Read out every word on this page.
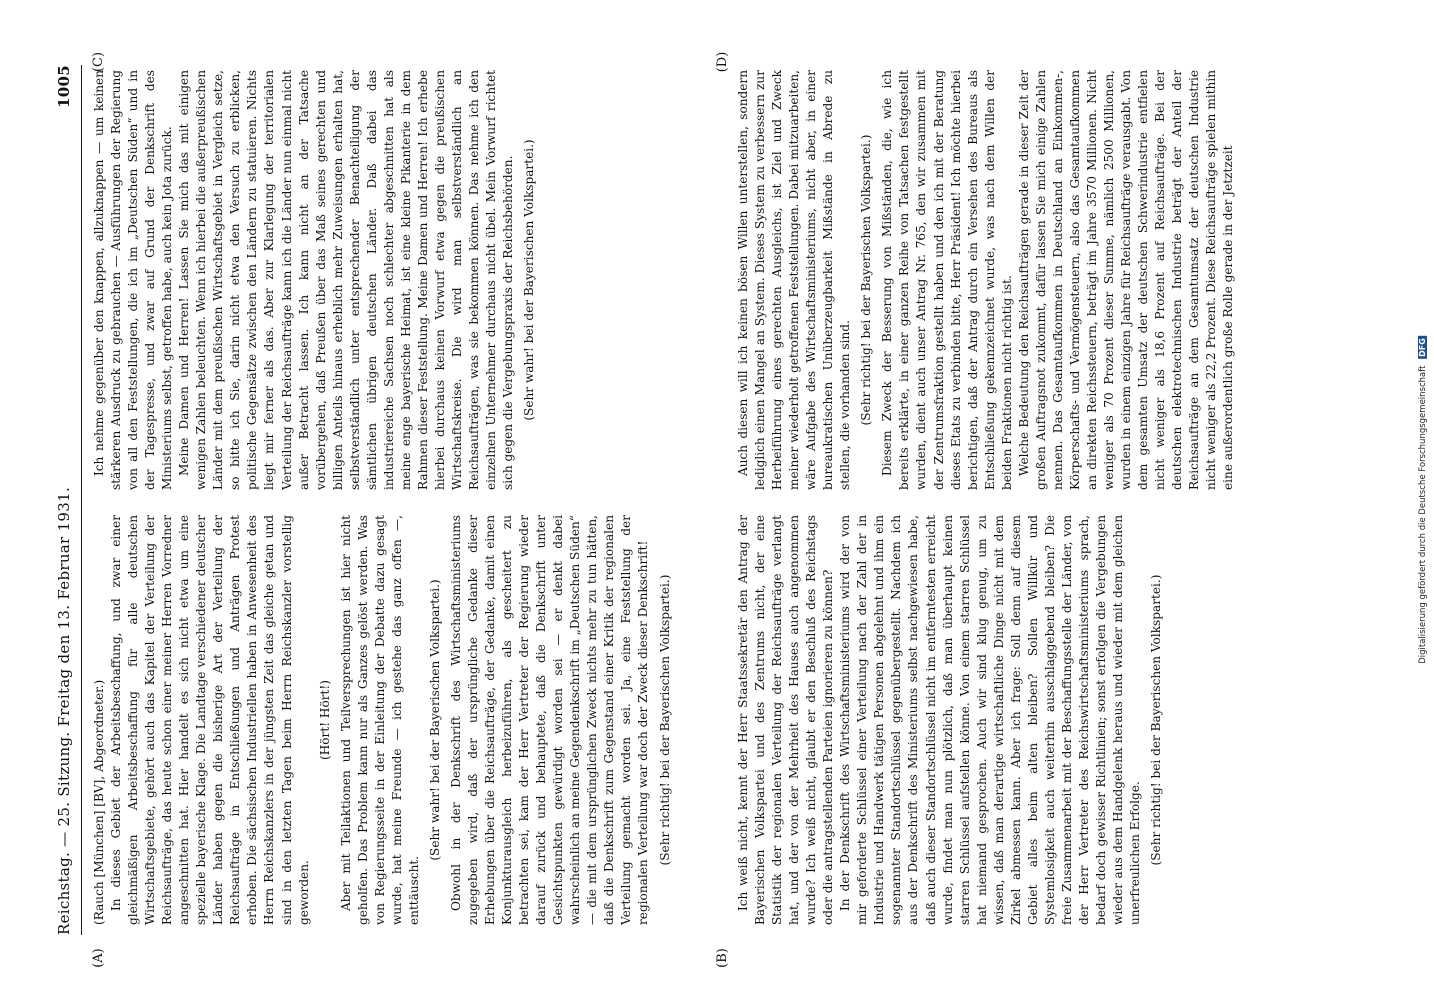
Reichstag. — 25. Sitzung. Freitag den 13. Februar 1931.
1005
(A)	(B)
(C)	(D)

(Rauch [München] [BV], Abgeordneter.) In dieses Gebiet der Arbeitsbeschaffung, und zwar einer gleichmäßigen Arbeitsbeschaffung für alle deutschen Wirtschaftsgebiete, gehört auch das Kapitel der Verteilung der Reichsaufträge, das heute schon einer meiner Herren Vorredner angeschnitten hat. Hier handelt es sich nicht etwa um eine spezielle bayerische Klage. Die Landtage verschiedener deutscher Länder haben gegen die bisherige Art der Verteilung der Reichsaufträge in Entschließungen und Anträgen Protest erhoben. Die sächsischen Industriellen haben in Anwesenheit des Herrn Reichskanzlers in der jüngsten Zeit das gleiche getan und sind in den letzten Tagen beim Herrn Reichskanzler vorstellig geworden.

(Hört! Hört!) Aber mit Teilaktionen und Teilversprechungen ist hier nicht geholfen. Das Problem kann nur als Ganzes gelöst werden. Was von Regierungsseite in der Einleitung der Debatte dazu gesagt wurde, hat meine Freunde — ich gestehe das ganz offen —, enttäuscht.

(Sehr wahr! bei der Bayerischen Volkspartei.) Obwohl in der Denkschrift des Wirtschaftsministeriums zugegeben wird, daß der ursprüngliche Gedanke dieser Erhebungen über die Reichsaufträge, der Gedanke, damit einen Konjunkturausgleich herbeizuführen, als gescheitert zu betrachten sei, kam der Herr Vertreter der Regierung wieder darauf zurück und behauptete, daß die Denkschrift unter Gesichtspunkten gewürdigt worden sei — er denkt dabei wahrscheinlich an meine Gegendenkschrift im „Deutschen Süden“ — die mit dem ursprünglichen Zweck nichts mehr zu tun hätten, daß die Denkschrift zum Gegenstand einer Kritik der regionalen Verteilung gemacht worden sei. Ja, eine Feststellung der regionalen Verteilung war doch der Zweck dieser Denkschrift! (Sehr richtig! bei der Bayerischen Volkspartei.)	Ich weiß nicht, kennt der Herr Staatssekretär den Antrag der Bayerischen Volkspartei und des Zentrums nicht, der eine Statistik der regionalen Verteilung der Reichsaufträge verlangt hat, und der von der Mehrheit des Hauses auch angenommen wurde? Ich weiß nicht, glaubt er den Beschluß des Reichstags oder die antragstellenden Parteien ignorieren zu können? In der Denkschrift des Wirtschaftsministeriums wird der von mir geforderte Schlüssel einer Verteilung nach der Zahl der in Industrie und Handwerk tätigen Personen abgelehnt und ihm ein sogenannter Standortschlüssel gegenübergestellt. Nachdem ich aus der Denkschrift des Ministeriums selbst nachgewiesen habe, daß auch dieser Standortschlüssel nicht im entferntesten erreicht wurde, findet man nun plötzlich, daß man überhaupt keinen starren Schlüssel aufstellen könne. Von einem starren Schlüssel hat niemand gesprochen. Auch wir sind klug genug, um zu wissen, daß man derartige wirtschaftliche Dinge nicht mit dem Zirkel abmessen kann. Aber ich frage: Soll denn auf diesem Gebiet alles beim alten bleiben? Sollen Willkür und Systemlosigkeit auch weiterhin ausschlaggebend bleiben? Die freie Zusammenarbeit mit der Beschaffungsstelle der Länder, von der Herr Vertreter des Reichswirtschaftsministeriums sprach, bedarf doch gewisser Richtlinien; sonst erfolgen die Vergebungen wieder aus dem Handgelenk heraus und wieder mit dem gleichen unerfreulichen Erfolge. (Sehr richtig! bei der Bayerischen Volkspartei.)

Ich nehme gegenüber den knappen, allzuknappen — um keinen stärkeren Ausdruck zu gebrauchen — Ausführungen der Regierung von all den Feststellungen, die ich im „Deutschen Süden“ und in der Tagespresse, und zwar auf Grund der Denkschrift des Ministeriums selbst, getroffen habe, auch kein Jota zurück. Meine Damen und Herren! Lassen Sie mich das mit einigen wenigen Zahlen beleuchten. Wenn ich hierbei die außerpreußischen Länder mit dem preußischen Wirtschaftsgebiet in Vergleich setze, so bitte ich Sie, darin nicht etwa den Versuch zu erblicken, politische Gegensätze zwischen den Ländern zu statuieren. Nichts liegt mir ferner als das. Aber zur Klarlegung der territorialen Verteilung der Reichsaufträge kann ich die Länder nun einmal nicht außer Betracht lassen. Ich kann nicht an der Tatsache vorübergehen, daß Preußen über das Maß seines gerechten und billigen Anteils hinaus erheblich mehr Zuweisungen erhalten hat, selbstverständlich unter entsprechender Benachteiligung der sämtlichen übrigen deutschen Länder. Daß dabei das industriereiche Sachsen noch schlechter abgeschnitten hat als meine enge bayerische Heimat, ist eine kleine Pikanterie in dem Rahmen dieser Feststellung. Meine Damen und Herren! Ich erhebe hierbei durchaus keinen Vorwurf etwa gegen die preußischen Wirtschaftskreise. Die wird man selbstverständlich an Reichsaufträgen, was sie bekommen können. Das nehme ich den einzelnen Unternehmer durchaus nicht übel. Mein Vorwurf richtet sich gegen die Vergebungspraxis der Reichsbehörden. (Sehr wahr! bei der Bayerischen Volkspartei.)	Auch diesen will ich keinen bösen Willen unterstellen, sondern lediglich einen Mangel an System. Dieses System zu verbessern zur Herbeiführung eines gerechten Ausgleichs, ist Ziel und Zweck meiner wiederholt getroffenen Feststellungen. Dabei mitzuarbeiten, wäre Aufgabe des Wirtschaftsministeriums, nicht aber, in einer bureaukratischen Unüberzeugbarkeit Mißstände in Abrede zu stellen, die vorhanden sind. (Sehr richtig! bei der Bayerischen Volkspartei.) Diesem Zweck der Besserung von Mißständen, die, wie ich bereits erklärte, in einer ganzen Reihe von Tatsachen festgestellt wurden, dient auch unser Antrag Nr. 765, den wir zusammen mit der Zentrumsfraktion gestellt haben und den ich mit der Beratung dieses Etats zu verbinden bitte, Herr Präsident! Ich möchte hierbei berichtigen, daß der Antrag durch ein Versehen des Bureaus als Entschließung gekennzeichnet wurde, was nach dem Willen der beiden Fraktionen nicht richtig ist. Welche Bedeutung den Reichsaufträgen gerade in dieser Zeit der großen Auftragsnot zukommt, dafür lassen Sie mich einige Zahlen nennen. Das Gesamtaufkommen in Deutschland an Einkommen-, Körperschafts- und Vermögensteuern, also das Gesamtaufkommen an direkten Reichssteuern, beträgt im Jahre 3570 Millionen. Nicht weniger als 70 Prozent dieser Summe, nämlich 2500 Millionen, wurden in einem einzigen Jahre für Reichsaufträge verausgabt. Von dem gesamten Umsatz der deutschen Schwerindustrie entfielen nicht weniger als 18,6 Prozent auf Reichsaufträge. Bei der deutschen elektrotechnischen Industrie beträgt der Anteil der Reichsaufträge an dem Gesamtumsatz der deutschen Industrie nicht weniger als 22,2 Prozent. Diese Reichsaufträge spielen mithin eine außerordentlich große Rolle gerade in der Jetztzeit

Digitalisierung gefördert durch die Deutsche Forschungsgemeinschaft DFG
